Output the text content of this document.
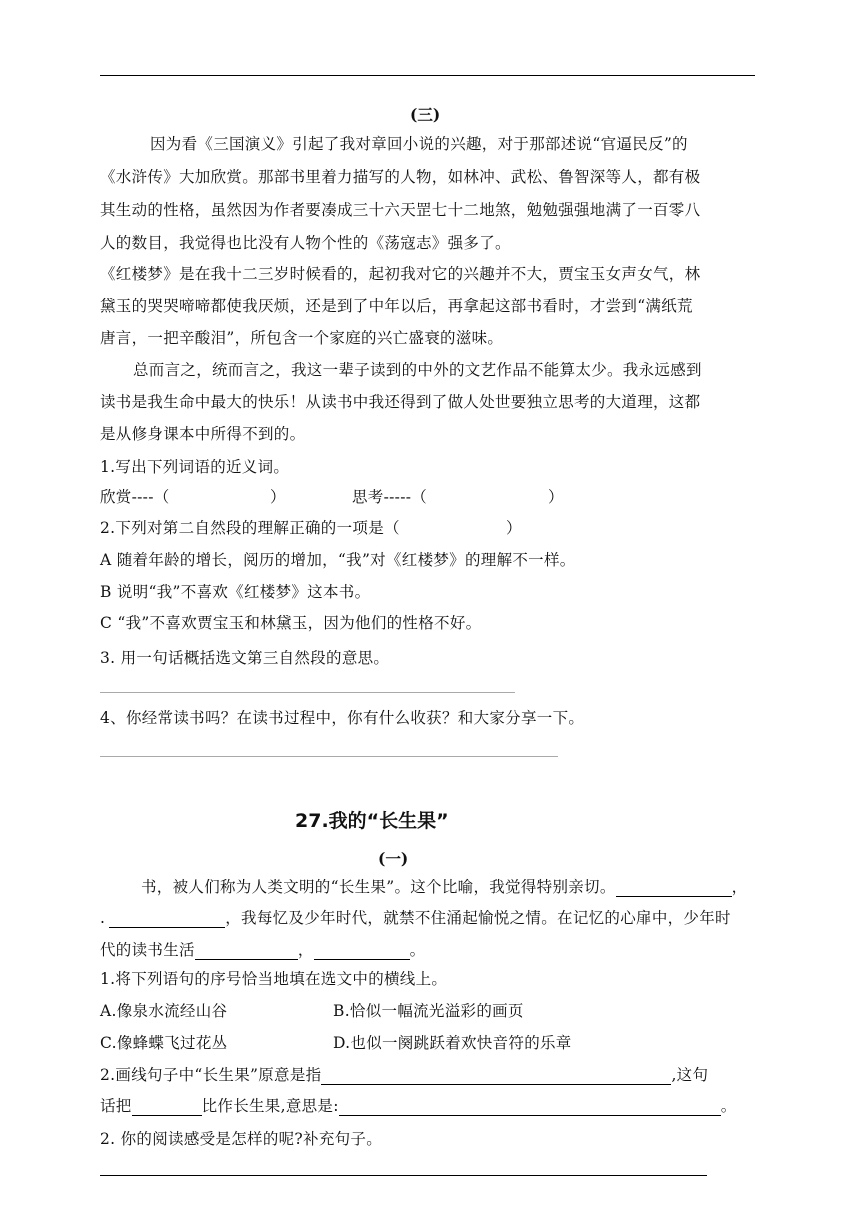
(三)
因为看《三国演义》引起了我对章回小说的兴趣，对于那部述说“官逼民反”的
《水浒传》大加欣赏。那部书里着力描写的人物，如林冲、武松、鲁智深等人，都有极
其生动的性格，虽然因为作者要凑成三十六天罡七十二地煞，勉勉强强地满了一百零八
人的数目，我觉得也比没有人物个性的《荡寇志》强多了。
《红楼梦》是在我十二三岁时候看的，起初我对它的兴趣并不大，贾宝玉女声女气，林
黛玉的哭哭啼啼都使我厌烦，还是到了中年以后，再拿起这部书看时，才尝到“满纸荒
唐言，一把辛酸泪”，所包含一个家庭的兴亡盛衰的滋味。
总而言之，统而言之，我这一辈子读到的中外的文艺作品不能算太少。我永远感到
读书是我生命中最大的快乐！从读书中我还得到了做人处世要独立思考的大道理，这都
是从修身课本中所得不到的。
1.写出下列词语的近义词。
欣赏----（	）	思考-----（	）
2.下列对第二自然段的理解正确的一项是（	）
A 随着年龄的增长，阅历的增加，“我”对《红楼梦》的理解不一样。
B 说明“我”不喜欢《红楼梦》这本书。
C “我”不喜欢贾宝玉和林黛玉，因为他们的性格不好。
3. 用一句话概括选文第三自然段的意思。
4、你经常读书吗？在读书过程中，你有什么收获？和大家分享一下。
27.我的“长生果”
(一)
书，被人们称为人类文明的“长生果”。这个比喻，我觉得特别亲切。	，
.	，我每忆及少年时代，就禁不住涌起愉悦之情。在记忆的心扉中，少年时
代的读书生活	，	。
1.将下列语句的序号恰当地填在选文中的横线上。
A.像泉水流经山谷	B.恰似一幅流光溢彩的画页
C.像蜂蝶飞过花丛	D.也似一阕跳跃着欢快音符的乐章
2.画线句子中“长生果”原意是指	,这句
话把	比作长生果,意思是:	。
2. 你的阅读感受是怎样的呢?补充句子。
